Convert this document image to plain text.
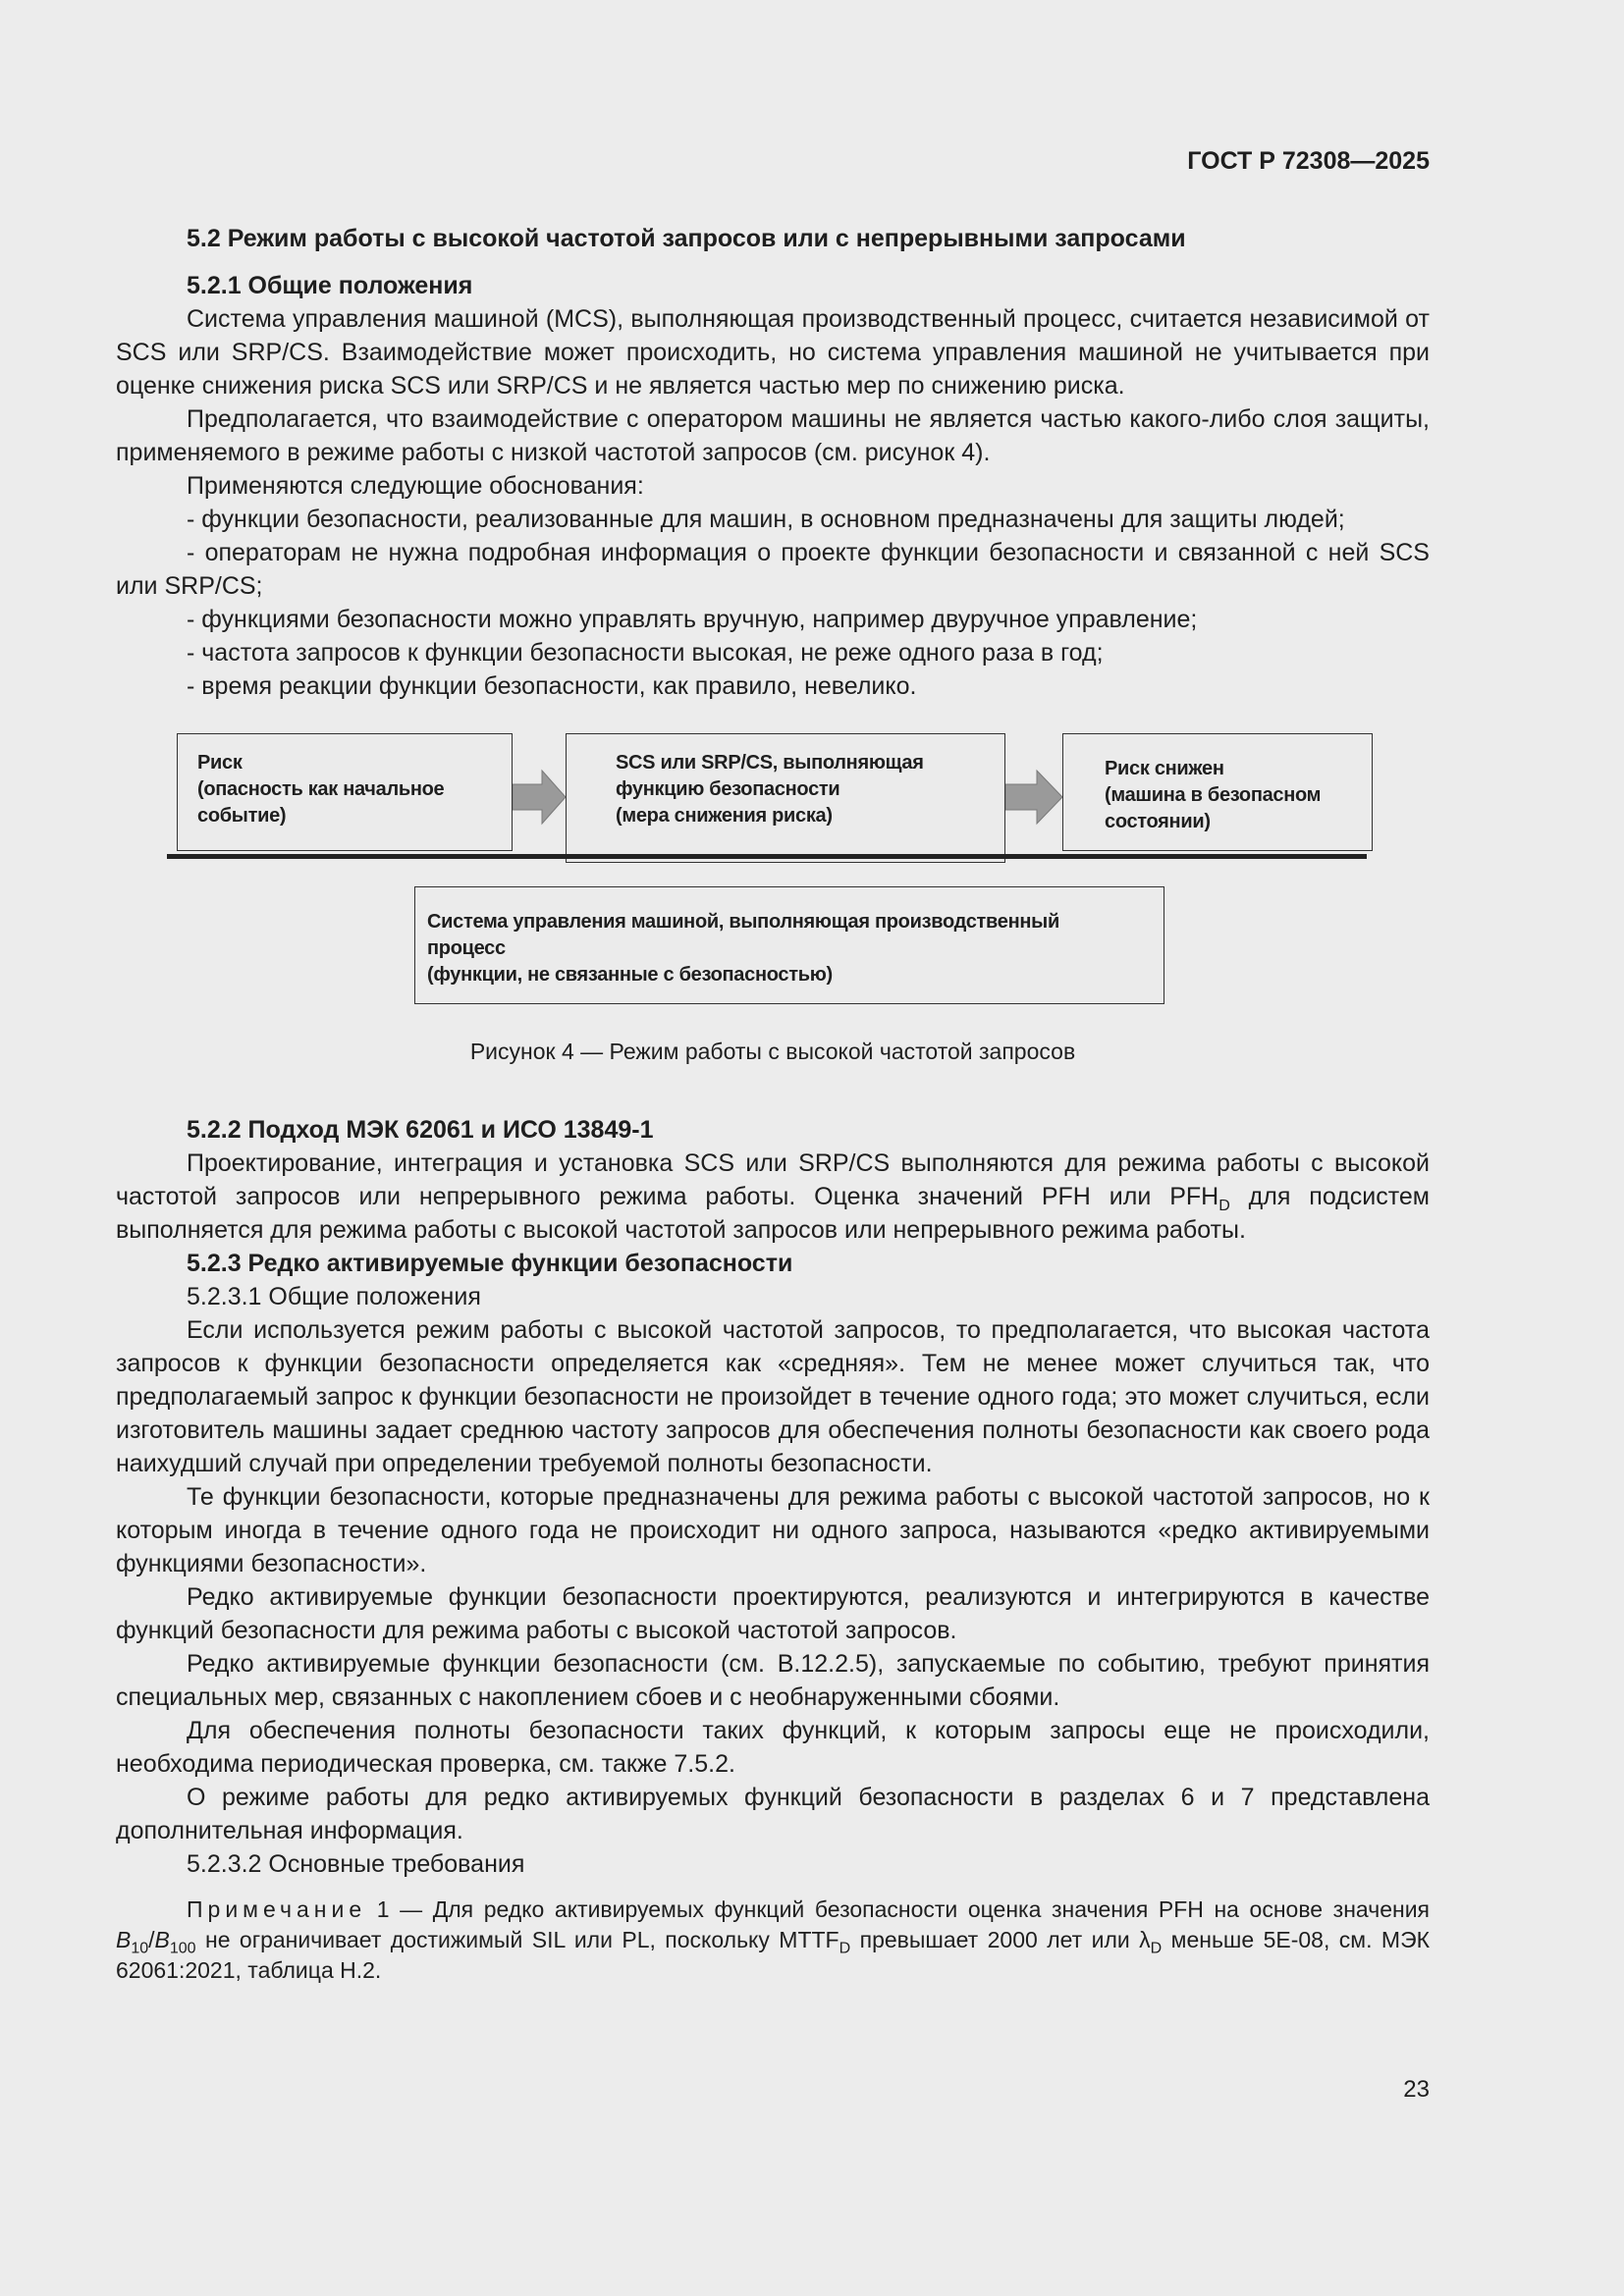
ГОСТ Р 72308—2025
5.2 Режим работы с высокой частотой запросов или с непрерывными запросами
5.2.1 Общие положения
Система управления машиной (MCS), выполняющая производственный процесс, считается независимой от SCS или SRP/CS. Взаимодействие может происходить, но система управления машиной не учитывается при оценке снижения риска SCS или SRP/CS и не является частью мер по снижению риска.
Предполагается, что взаимодействие с оператором машины не является частью какого-либо слоя защиты, применяемого в режиме работы с низкой частотой запросов (см. рисунок 4).
Применяются следующие обоснования:
- функции безопасности, реализованные для машин, в основном предназначены для защиты людей;
- операторам не нужна подробная информация о проекте функции безопасности и связанной с ней SCS или SRP/CS;
- функциями безопасности можно управлять вручную, например двуручное управление;
- частота запросов к функции безопасности высокая, не реже одного раза в год;
- время реакции функции безопасности, как правило, невелико.
Риск
(опасность как начальное
событие)
SCS или SRP/CS, выполняющая
функцию безопасности
(мера снижения риска)
Риск снижен
(машина в безопасном
состоянии)
Система управления машиной, выполняющая производственный
процесс
(функции, не связанные с безопасностью)
Рисунок 4 — Режим работы с высокой частотой запросов
5.2.2 Подход МЭК 62061 и ИСО 13849-1
Проектирование, интеграция и установка SCS или SRP/CS выполняются для режима работы с высокой частотой запросов или непрерывного режима работы. Оценка значений PFH или $PFH_D$ для подсистем выполняется для режима работы с высокой частотой запросов или непрерывного режима работы.
5.2.3 Редко активируемые функции безопасности
5.2.3.1 Общие положения
Если используется режим работы с высокой частотой запросов, то предполагается, что высокая частота запросов к функции безопасности определяется как «средняя». Тем не менее может случиться так, что предполагаемый запрос к функции безопасности не произойдет в течение одного года; это может случиться, если изготовитель машины задает среднюю частоту запросов для обеспечения полноты безопасности как своего рода наихудший случай при определении требуемой полноты безопасности.
Те функции безопасности, которые предназначены для режима работы с высокой частотой запросов, но к которым иногда в течение одного года не происходит ни одного запроса, называются «редко активируемыми функциями безопасности».
Редко активируемые функции безопасности проектируются, реализуются и интегрируются в качестве функций безопасности для режима работы с высокой частотой запросов.
Редко активируемые функции безопасности (см. В.12.2.5), запускаемые по событию, требуют принятия специальных мер, связанных с накоплением сбоев и с необнаруженными сбоями.
Для обеспечения полноты безопасности таких функций, к которым запросы еще не происходили, необходима периодическая проверка, см. также 7.5.2.
О режиме работы для редко активируемых функций безопасности в разделах 6 и 7 представлена дополнительная информация.
5.2.3.2 Основные требования
Примечание 1 — Для редко активируемых функций безопасности оценка значения PFH на основе значения $B_{10}/B_{100}$ не ограничивает достижимый SIL или PL, поскольку $MTTF_D$ превышает 2000 лет или $\lambda_D$ меньше 5E-08, см. МЭК 62061:2021, таблица Н.2.
23
